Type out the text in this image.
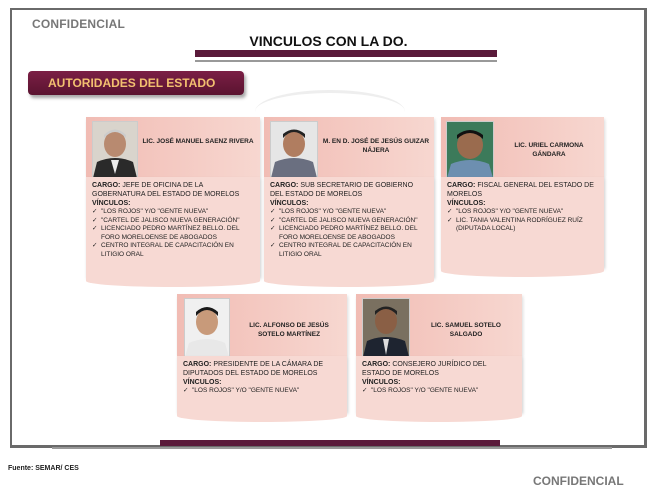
CONFIDENCIAL
VINCULOS CON LA DO.
AUTORIDADES DEL ESTADO
LIC. JOSÉ MANUEL SAENZ RIVERA
CARGO: JEFE DE OFICINA DE LA GOBERNATURA DEL ESTADO DE MORELOS
VÍNCULOS:
✓ "LOS ROJOS" Y/O "GENTE NUEVA"
✓ "CARTEL DE JALISCO NUEVA GENERACIÓN"
✓ LICENCIADO PEDRO MARTÍNEZ BELLO. DEL FORO MORELOENSE DE ABOGADOS
✓ CENTRO INTEGRAL DE CAPACITACIÓN EN LITIGIO ORAL
M. EN D. JOSÉ DE JESÚS GUIZAR NÁJERA
CARGO: SUB SECRETARIO DE GOBIERNO DEL ESTADO DE MORELOS
VÍNCULOS:
✓ "LOS ROJOS" Y/O "GENTE NUEVA"
✓ "CARTEL DE JALISCO NUEVA GENERACIÓN"
✓ LICENCIADO PEDRO MARTÍNEZ BELLO. DEL FORO MORELOENSE DE ABOGADOS
✓ CENTRO INTEGRAL DE CAPACITACIÓN EN LITIGIO ORAL
LIC. URIEL CARMONA GÁNDARA
CARGO: FISCAL GENERAL DEL ESTADO DE MORELOS
VÍNCULOS:
✓ "LOS ROJOS" Y/O "GENTE NUEVA"
✓ LIC. TANIA VALENTINA RODRÍGUEZ RUÍZ (DIPUTADA LOCAL)
LIC. ALFONSO DE JESÚS SOTELO MARTÍNEZ
CARGO: PRESIDENTE DE LA CÁMARA DE DIPUTADOS DEL ESTADO DE MORELOS
VÍNCULOS:
✓ "LOS ROJOS" Y/O "GENTE NUEVA"
LIC. SAMUEL SOTELO SALGADO
CARGO: CONSEJERO JURÍDICO DEL ESTADO DE MORELOS
VÍNCULOS:
✓ "LOS ROJOS" Y/O "GENTE NUEVA"
Fuente: SEMAR/ CES
CONFIDENCIAL
